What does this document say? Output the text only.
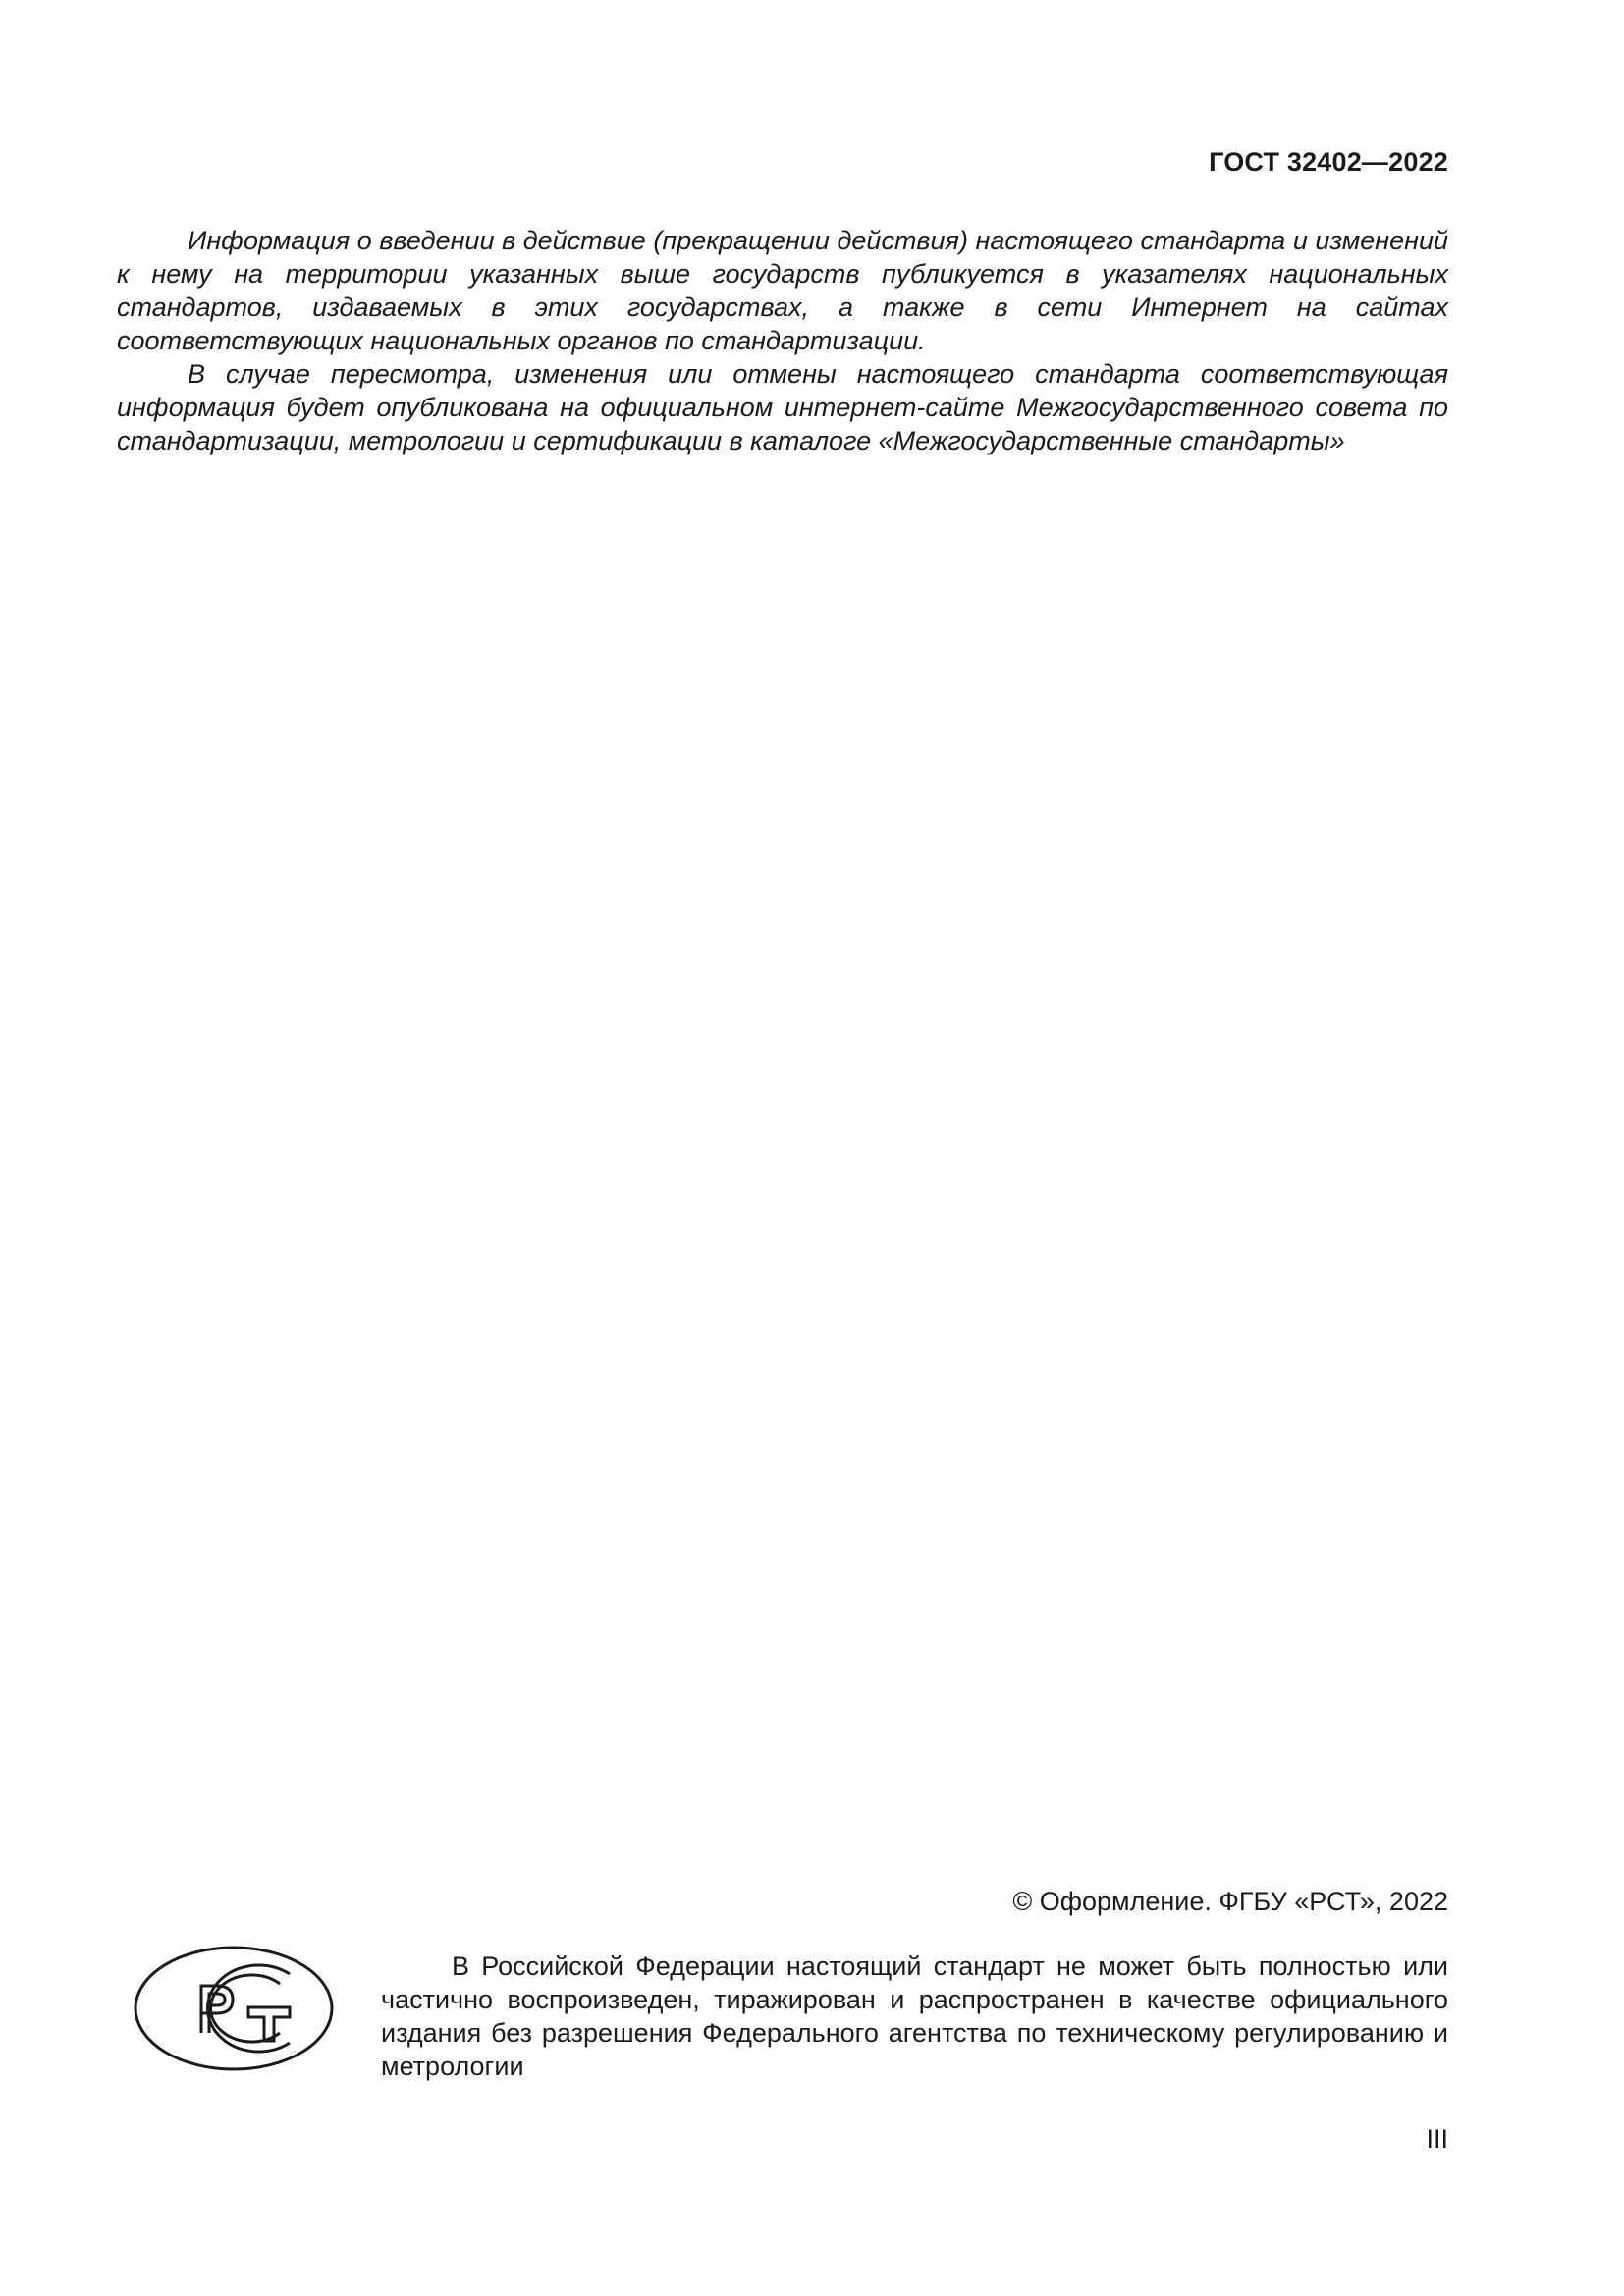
ГОСТ 32402—2022

Информация о введении в действие (прекращении действия) настоящего стандарта и изменений к нему на территории указанных выше государств публикуется в указателях национальных стандартов, издаваемых в этих государствах, а также в сети Интернет на сайтах соответствующих национальных органов по стандартизации.

В случае пересмотра, изменения или отмены настоящего стандарта соответствующая информация будет опубликована на официальном интернет-сайте Межгосударственного совета по стандартизации, метрологии и сертификации в каталоге «Межгосударственные стандарты»

© Оформление. ФГБУ «РСТ», 2022

В Российской Федерации настоящий стандарт не может быть полностью или частично воспроизведен, тиражирован и распространен в качестве официального издания без разрешения Федерального агентства по техническому регулированию и метрологии

III
